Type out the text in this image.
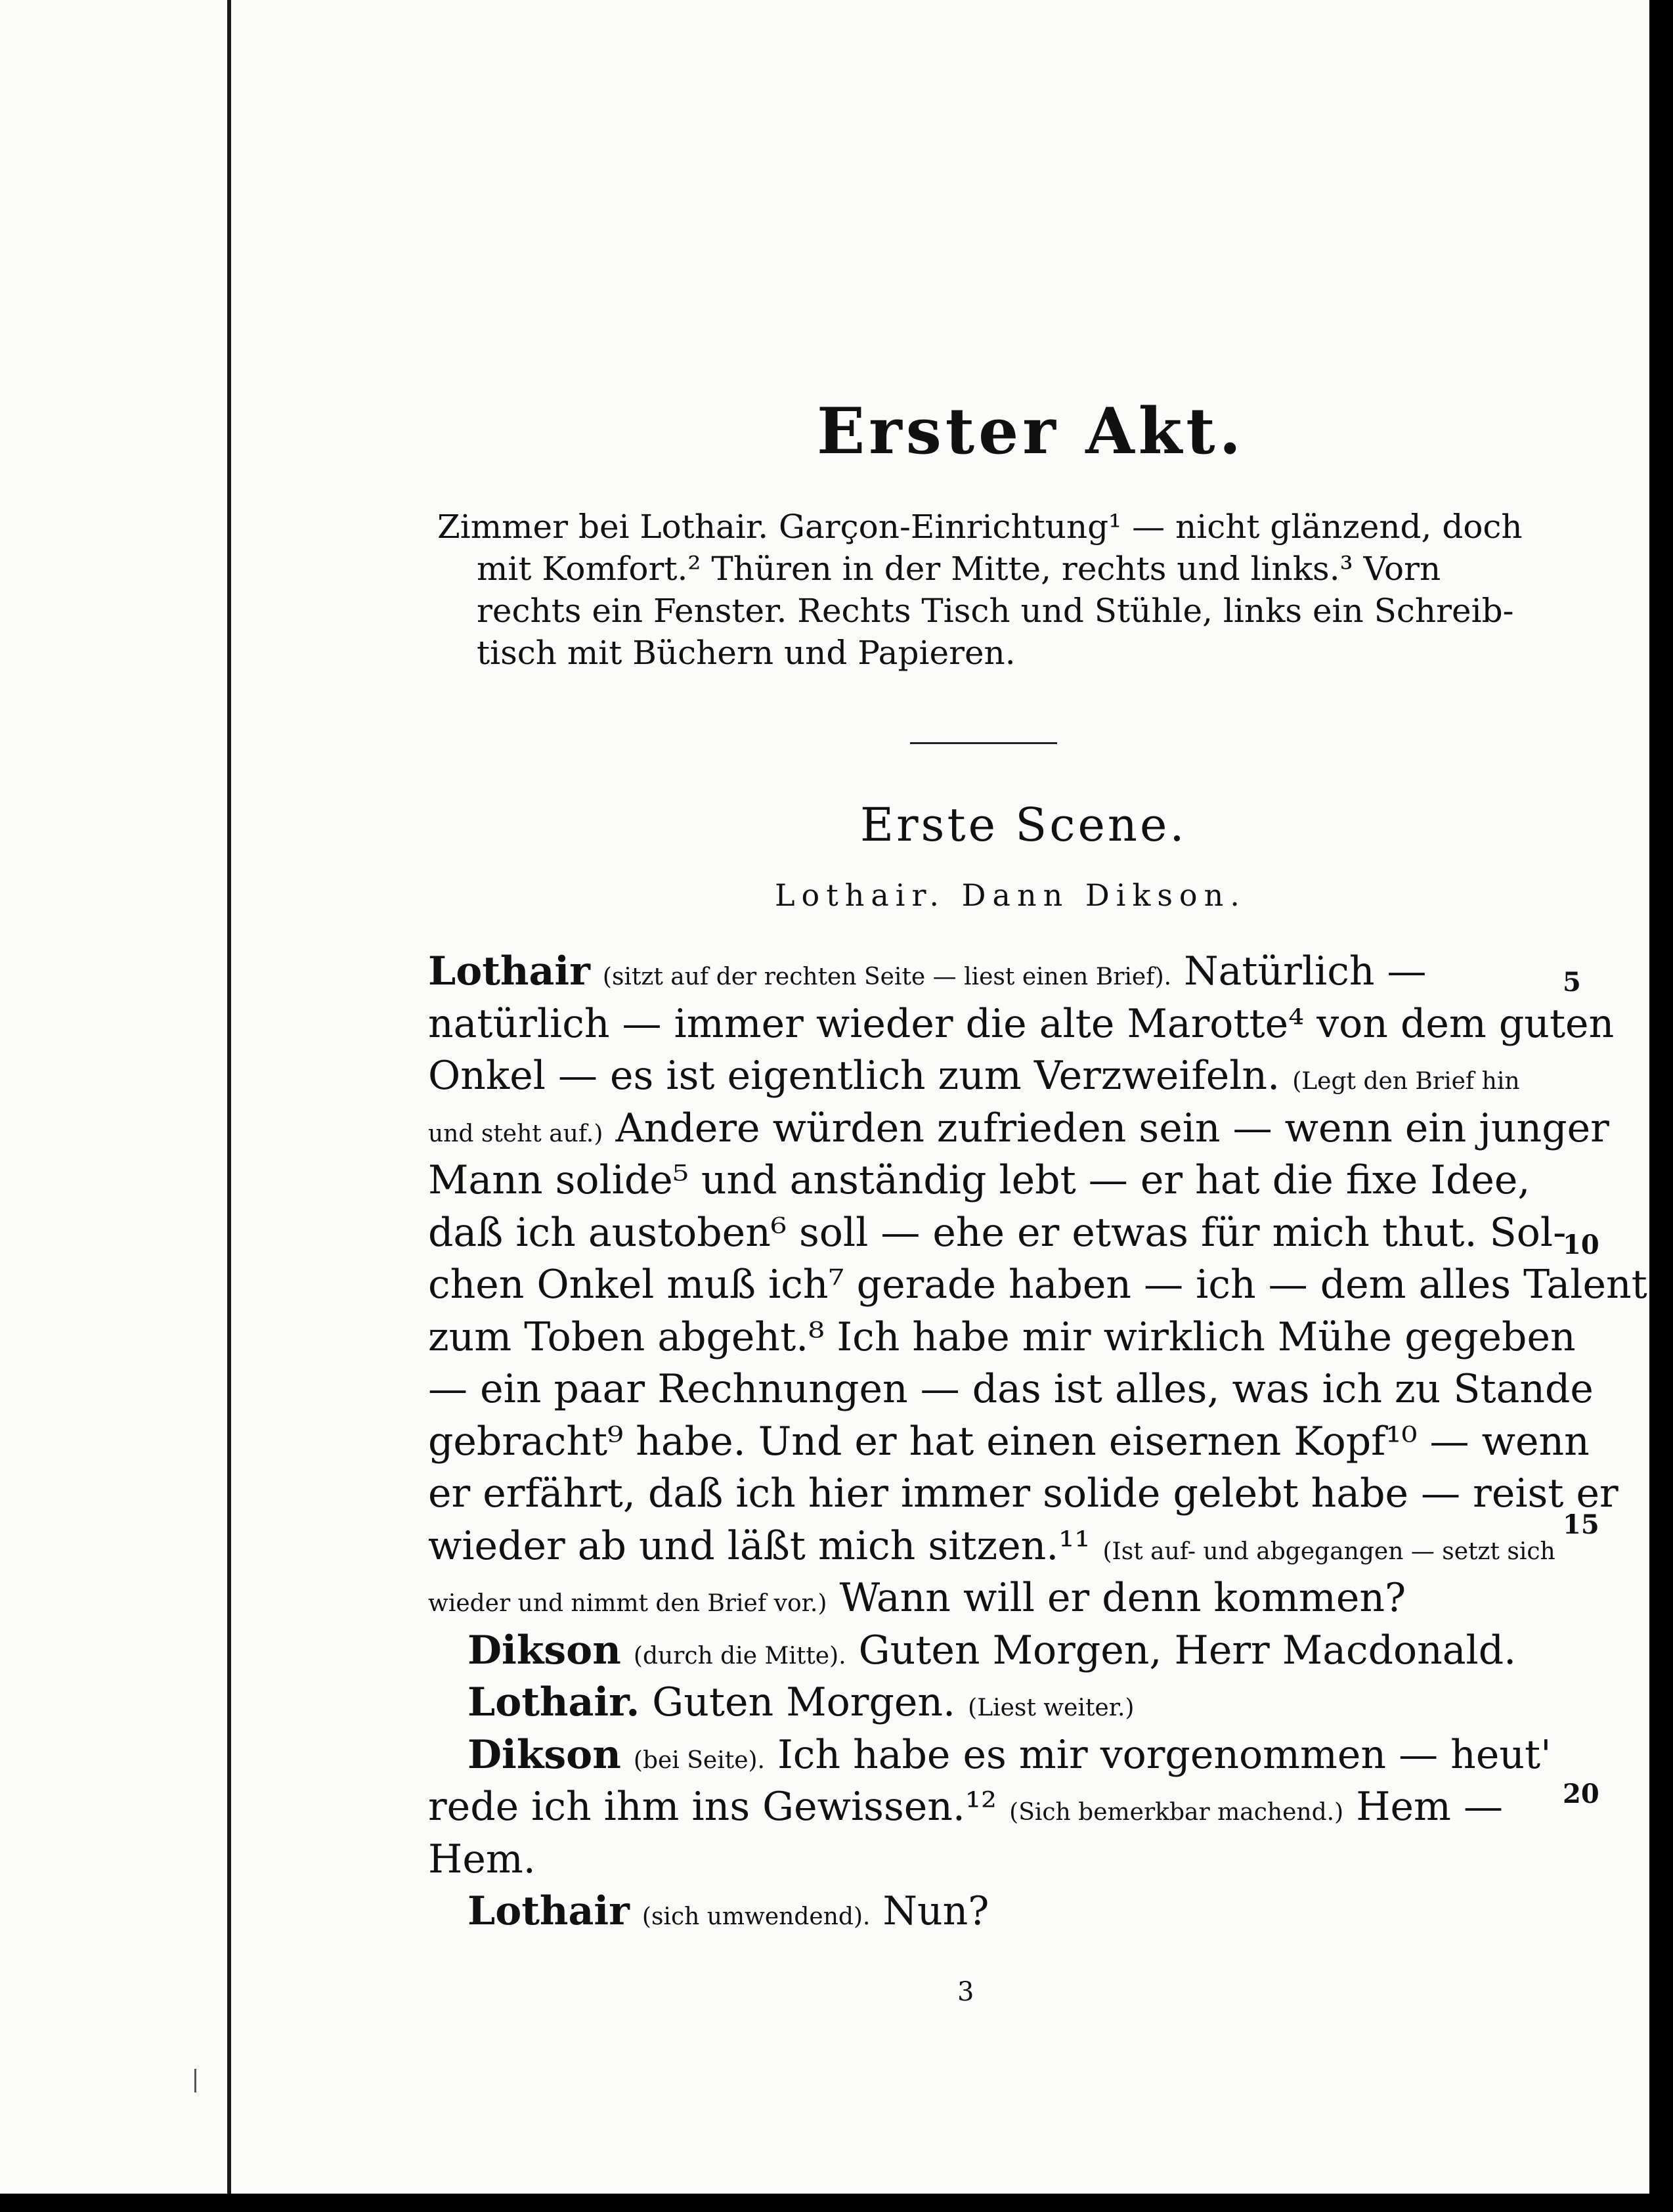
Erster Akt.
Zimmer bei Lothair. Garçon-Einrichtung¹ — nicht glänzend, doch
mit Komfort.² Thüren in der Mitte, rechts und links.³ Vorn
rechts ein Fenster. Rechts Tisch und Stühle, links ein Schreib-
tisch mit Büchern und Papieren.
Erste Scene.
Lothair. Dann Dikson.
Lothair (sitzt auf der rechten Seite — liest einen Brief). Natürlich —
natürlich — immer wieder die alte Marotte⁴ von dem guten
Onkel — es ist eigentlich zum Verzweifeln. (Legt den Brief hin
und steht auf.) Andere würden zufrieden sein — wenn ein junger
Mann solide⁵ und anständig lebt — er hat die fixe Idee,
daß ich austoben⁶ soll — ehe er etwas für mich thut. Sol-
chen Onkel muß ich⁷ gerade haben — ich — dem alles Talent
zum Toben abgeht.⁸ Ich habe mir wirklich Mühe gegeben
— ein paar Rechnungen — das ist alles, was ich zu Stande
gebracht⁹ habe. Und er hat einen eisernen Kopf¹⁰ — wenn
er erfährt, daß ich hier immer solide gelebt habe — reist er
wieder ab und läßt mich sitzen.¹¹ (Ist auf- und abgegangen — setzt sich
wieder und nimmt den Brief vor.) Wann will er denn kommen?
Dikson (durch die Mitte). Guten Morgen, Herr Macdonald.
Lothair. Guten Morgen. (Liest weiter.)
Dikson (bei Seite). Ich habe es mir vorgenommen — heut'
rede ich ihm ins Gewissen.¹² (Sich bemerkbar machend.) Hem —
Hem.
Lothair (sich umwendend). Nun?
5
10
15
20
3
